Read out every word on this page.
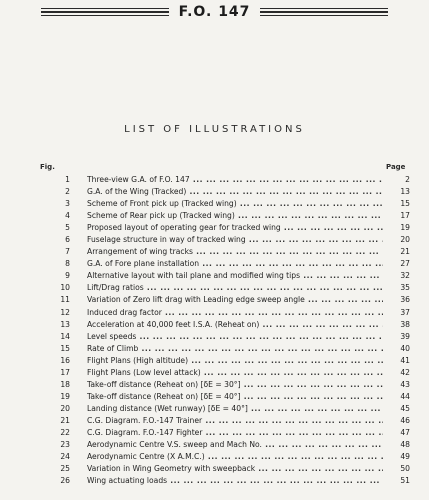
F.O. 147
LIST OF ILLUSTRATIONS
Fig.	Page
1 Three-view G.A. of F.O. 147 ... .	2
2 G.A. of the Wing (Tracked) ... .	13
3 Scheme of Front pick up (Tracked wing) ... .	15
4 Scheme of Rear pick up (Tracked wing) ... .	17
5 Proposed layout of operating gear for tracked wing ... .	19
6 Fuselage structure in way of tracked wing ... .	20
7 Arrangement of wing tracks ... .	21
8 G.A. of Fore plane installation ... .	27
9 Alternative layout with tail plane and modified wing tips ... .	32
10 Lift/Drag ratios ... .	35
11 Variation of Zero lift drag with Leading edge sweep angle ... .	36
12 Induced drag factor ... .	37
13 Acceleration at 40,000 feet I.S.A. (Reheat on) ... .	38
14 Level speeds ... .	39
15 Rate of Climb ... .	40
16 Flight Plans (High altitude) ... .	41
17 Flight Plans (Low level attack) ... .	42
18 Take-off distance (Reheat on) [δE = 30°] ... .	43
19 Take-off distance (Reheat on) [δE = 40°] ... .	44
20 Landing distance (Wet runway) [δE = 40°] ... .	45
21 C.G. Diagram. F.O.-147 Trainer ... .	46
22 C.G. Diagram. F.O.-147 Fighter ... .	47
23 Aerodynamic Centre V.S. sweep and Mach No. ... .	48
24 Aerodynamic Centre (X A.M.C.) ... .	49
25 Variation in Wing Geometry with sweepback ... .	50
26 Wing actuating loads ... .	51
